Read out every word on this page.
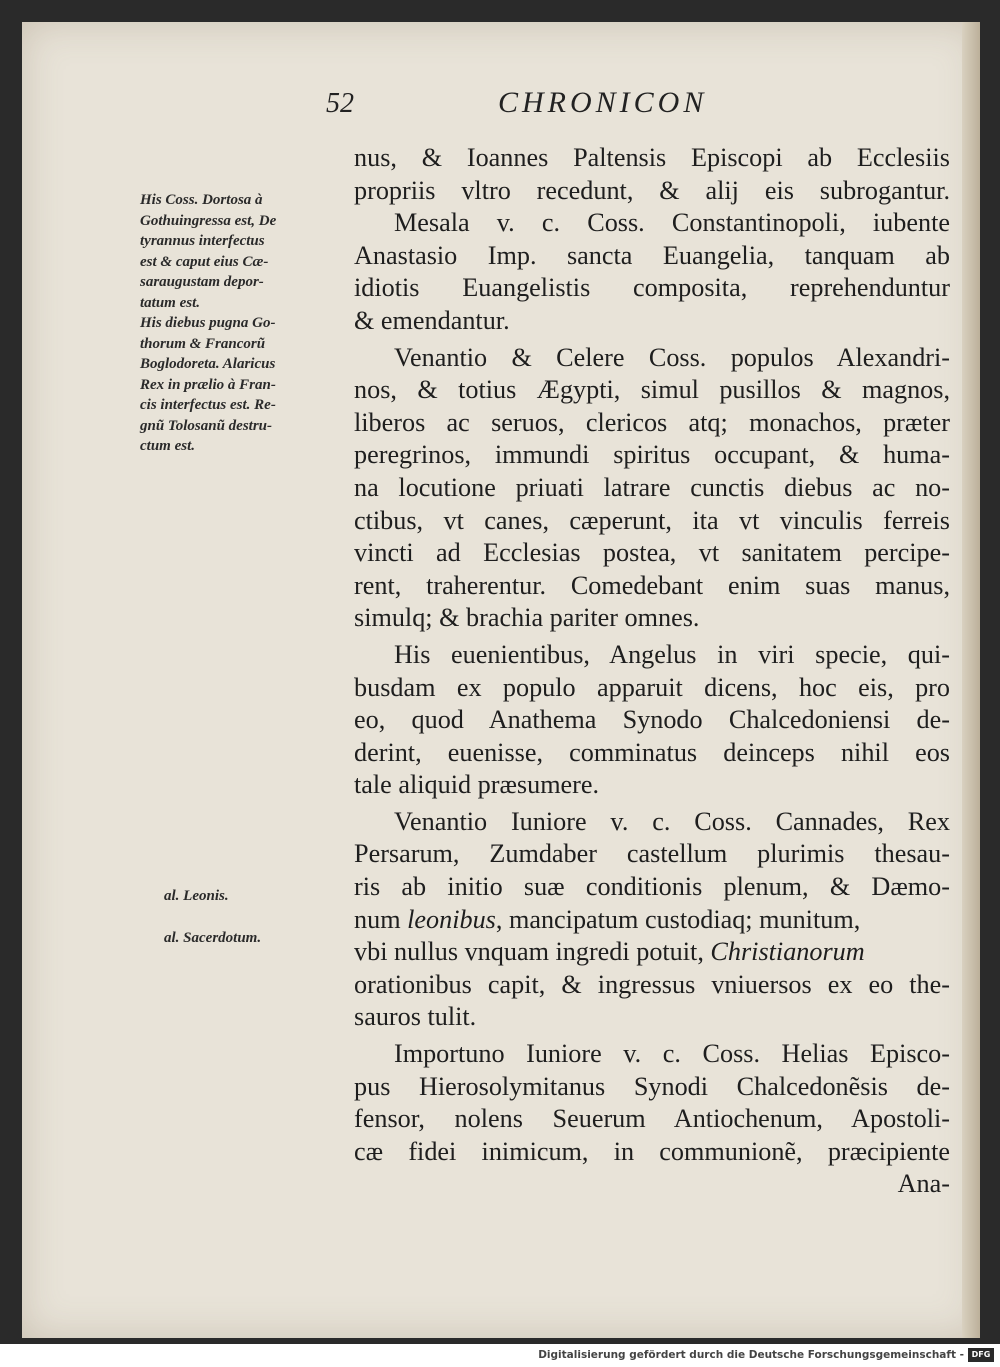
52	CHRONICON
His Coss. Dortosa à
Gothuingressa est, De
tyrannus interfectus
est & caput eius Cæ-
saraugustam depor-
tatum est.
His diebus pugna Go-
thorum & Francorũ
Boglodoreta. Alaricus
Rex in prælio à Fran-
cis interfectus est. Re-
gnũ Tolosanũ destru-
ctum est.
al. Leonis.
al. Sacerdotum.
nus, & Ioannes Paltensis Episcopi ab Ecclesiis
propriis vltro recedunt, & alij eis subrogantur.
Mesala v. c. Coss. Constantinopoli, iubente
Anastasio Imp. sancta Euangelia, tanquam ab
idiotis Euangelistis composita, reprehenduntur
& emendantur.
Venantio & Celere Coss. populos Alexandri-
nos, & totius Ægypti, simul pusillos & magnos,
liberos ac seruos, clericos atq; monachos, præter
peregrinos, immundi spiritus occupant, & huma-
na locutione priuati latrare cunctis diebus ac no-
ctibus, vt canes, cæperunt, ita vt vinculis ferreis
vincti ad Ecclesias postea, vt sanitatem percipe-
rent, traherentur. Comedebant enim suas manus,
simulq; & brachia pariter omnes.
His euenientibus, Angelus in viri specie, qui-
busdam ex populo apparuit dicens, hoc eis, pro
eo, quod Anathema Synodo Chalcedoniensi de-
derint, euenisse, comminatus deinceps nihil eos
tale aliquid præsumere.
Venantio Iuniore v. c. Coss. Cannades, Rex
Persarum, Zumdaber castellum plurimis thesau-
ris ab initio suæ conditionis plenum, & Dæmo-
num leonibus, mancipatum custodiaq; munitum,
vbi nullus vnquam ingredi potuit, Christianorum
orationibus capit, & ingressus vniuersos ex eo the-
sauros tulit.
Importuno Iuniore v. c. Coss. Helias Episco-
pus Hierosolymitanus Synodi Chalcedonẽsis de-
fensor, nolens Seuerum Antiochenum, Apostoli-
cæ fidei inimicum, in communionẽ, præcipiente
Ana-
Digitalisierung gefördert durch die Deutsche Forschungsgemeinschaft - DFG
